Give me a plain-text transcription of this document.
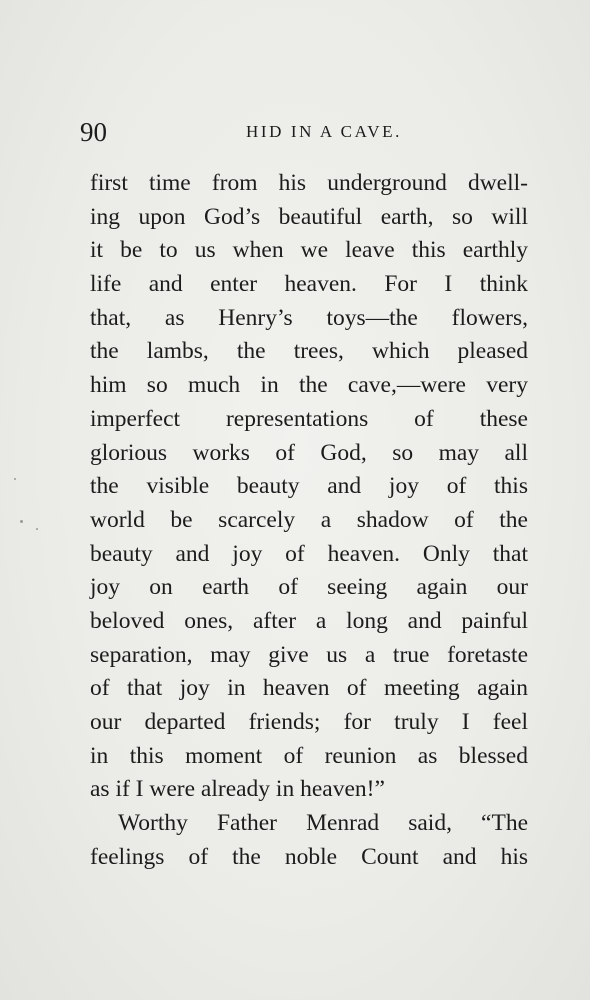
90	HID IN A CAVE.
first time from his underground dwell-
ing upon God’s beautiful earth, so will
it be to us when we leave this earthly
life and enter heaven. For I think
that, as Henry’s toys—the flowers,
the lambs, the trees, which pleased
him so much in the cave,—were very
imperfect representations of these
glorious works of God, so may all
the visible beauty and joy of this
world be scarcely a shadow of the
beauty and joy of heaven. Only that
joy on earth of seeing again our
beloved ones, after a long and painful
separation, may give us a true foretaste
of that joy in heaven of meeting again
our departed friends; for truly I feel
in this moment of reunion as blessed
as if I were already in heaven!”
Worthy Father Menrad said, “The
feelings of the noble Count and his
